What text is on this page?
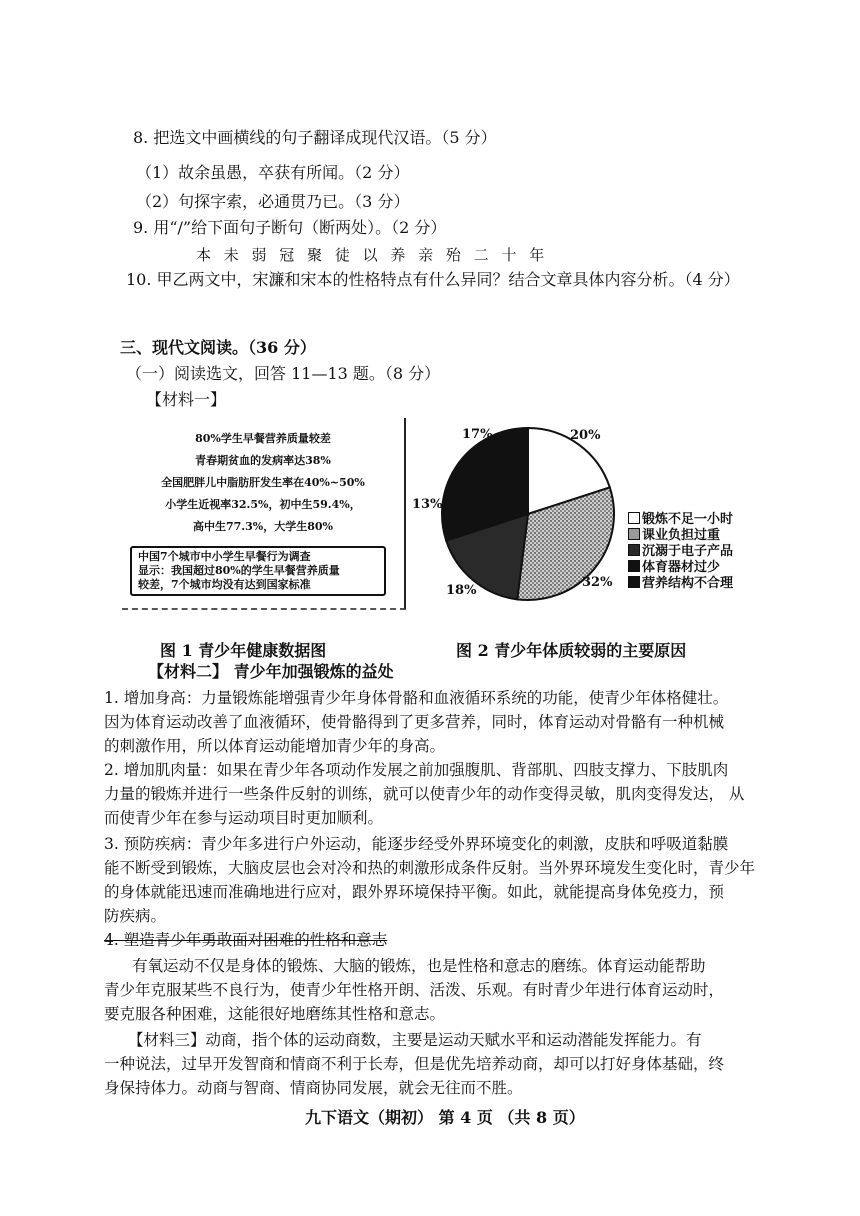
8. 把选文中画横线的句子翻译成现代汉语。（5 分）
（1）故余虽愚，卒获有所闻。（2 分）
（2）句探字索，必通贯乃已。（3 分）
9. 用“/”给下面句子断句（断两处）。（2 分）
本 未 弱 冠 聚 徒 以 养 亲 殆 二 十 年
10. 甲乙两文中，宋濂和宋本的性格特点有什么异同？结合文章具体内容分析。（4 分）
三、现代文阅读。（36 分）
（一）阅读选文，回答 11—13 题。（8 分）
【材料一】
80%学生早餐营养质量较差
青春期贫血的发病率达38%
全国肥胖儿中脂肪肝发生率在40%~50%
小学生近视率32.5%，初中生59.4%，
高中生77.3%，大学生80%
中国7个城市中小学生早餐行为调查
显示：我国超过80%的学生早餐营养质量
较差，7个城市均没有达到国家标准
20%
32%
18%
13%
17%
锻炼不足一小时
课业负担过重
沉溺于电子产品
体育器材过少
营养结构不合理
图 1 青少年健康数据图	图 2 青少年体质较弱的主要原因
【材料二】 青少年加强锻炼的益处
1. 增加身高：力量锻炼能增强青少年身体骨骼和血液循环系统的功能，使青少年体格健壮。
因为体育运动改善了血液循环，使骨骼得到了更多营养，同时，体育运动对骨骼有一种机械
的刺激作用，所以体育运动能增加青少年的身高。
2. 增加肌肉量：如果在青少年各项动作发展之前加强腹肌、背部肌、四肢支撑力、下肢肌肉
力量的锻炼并进行一些条件反射的训练，就可以使青少年的动作变得灵敏，肌肉变得发达， 从
而使青少年在参与运动项目时更加顺利。
3. 预防疾病：青少年多进行户外运动，能逐步经受外界环境变化的刺激，皮肤和呼吸道黏膜
能不断受到锻炼，大脑皮层也会对冷和热的刺激形成条件反射。当外界环境发生变化时，青少年
的身体就能迅速而准确地进行应对，跟外界环境保持平衡。如此，就能提高身体免疫力，预
防疾病。
4. 塑造青少年勇敢面对困难的性格和意志
有氧运动不仅是身体的锻炼、大脑的锻炼，也是性格和意志的磨练。体育运动能帮助
青少年克服某些不良行为，使青少年性格开朗、活泼、乐观。有时青少年进行体育运动时，
要克服各种困难，这能很好地磨练其性格和意志。
【材料三】动商，指个体的运动商数，主要是运动天赋水平和运动潜能发挥能力。有
一种说法，过早开发智商和情商不利于长寿，但是优先培养动商，却可以打好身体基础，终
身保持体力。动商与智商、情商协同发展，就会无往而不胜。
九下语文（期初） 第 4 页 （共 8 页）
